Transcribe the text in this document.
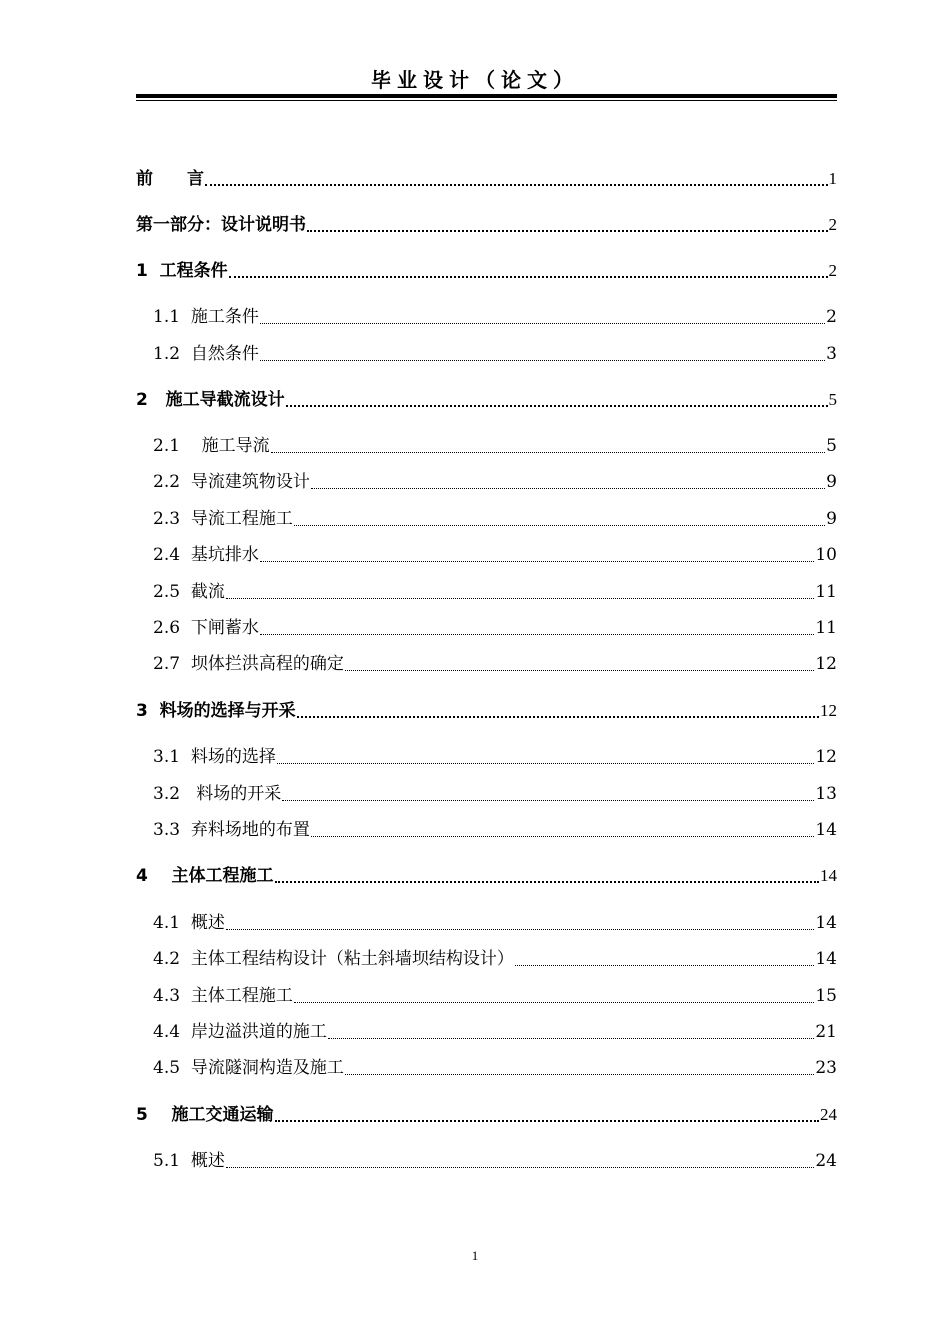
毕业设计（论文）
前　　言	1
第一部分：设计说明书	2
1  工程条件	2
1.1  施工条件	2
1.2  自然条件	3
2   施工导截流设计	5
2.1    施工导流	5
2.2  导流建筑物设计	9
2.3  导流工程施工	9
2.4  基坑排水	10
2.5  截流	11
2.6  下闸蓄水	11
2.7  坝体拦洪高程的确定	12
3  料场的选择与开采	12
3.1  料场的选择	12
3.2   料场的开采	13
3.3  弃料场地的布置	14
4    主体工程施工	14
4.1  概述	14
4.2  主体工程结构设计（粘土斜墙坝结构设计）	14
4.3  主体工程施工	15
4.4  岸边溢洪道的施工	21
4.5  导流隧洞构造及施工	23
5    施工交通运输	24
5.1  概述	24
1
